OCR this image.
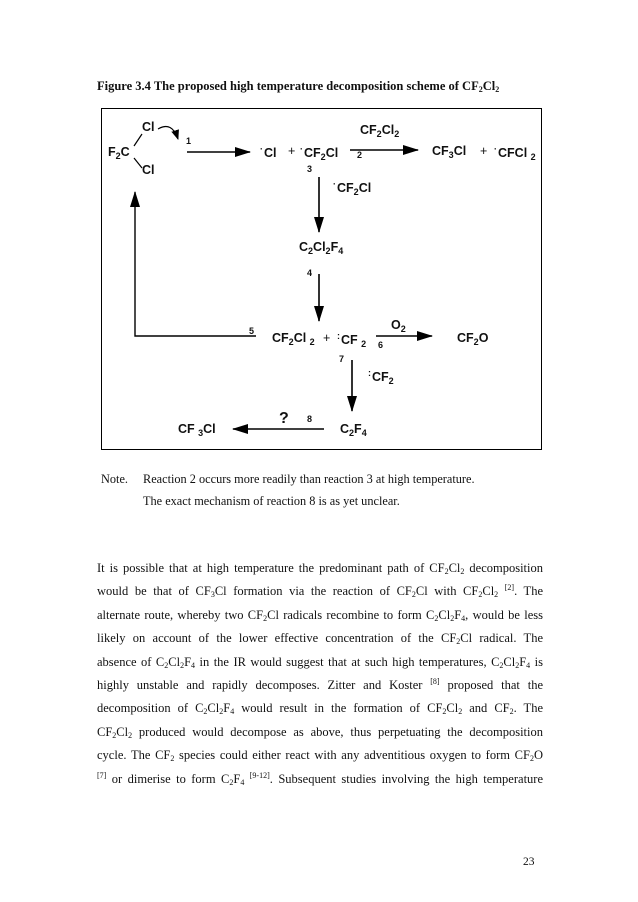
Figure 3.4 The proposed high temperature decomposition scheme of $CF_2Cl_2$
$F_2C$
Cl
Cl
1
$^\cdot Cl + ^\cdot CF_2Cl$
$CF_2Cl_2$
2	$CF_3Cl$ + ·CFCl $_2$
3
$^\cdot CF_2Cl$
$C_2Cl_2F_4$
4
5 $CF_2Cl$ $_2$ + :CF $_2$
$O_2$
6	$CF_2O$
7
$^:CF_2$
$C_2F_4$
8
?
CF $_3$Cl
Note. Reaction 2 occurs more readily than reaction 3 at high temperature.
The exact mechanism of reaction 8 is as yet unclear.
It is possible that at high temperature the predominant path of $CF_2Cl_2$ decomposition
would be that of $CF_3Cl$ formation via the reaction of $CF_2Cl$ with $CF_2Cl_2$ [2]. The
alternate route, whereby two $CF_2Cl$ radicals recombine to form $C_2Cl_2F_4$, would be less
likely on account of the lower effective concentration of the $CF_2Cl$ radical. The
absence of $C_2Cl_2F_4$ in the IR would suggest that at such high temperatures, $C_2Cl_2F_4$ is
highly unstable and rapidly decomposes. Zitter and Koster [8] proposed that the
decomposition of $C_2Cl_2F_4$ would result in the formation of $CF_2Cl_2$ and $CF_2$. The
$CF_2Cl_2$ produced would decompose as above, thus perpetuating the decomposition
cycle. The $CF_2$ species could either react with any adventitious oxygen to form $CF_2O$
[7] or dimerise to form $C_2F_4$ [9-12]. Subsequent studies involving the high temperature
23
